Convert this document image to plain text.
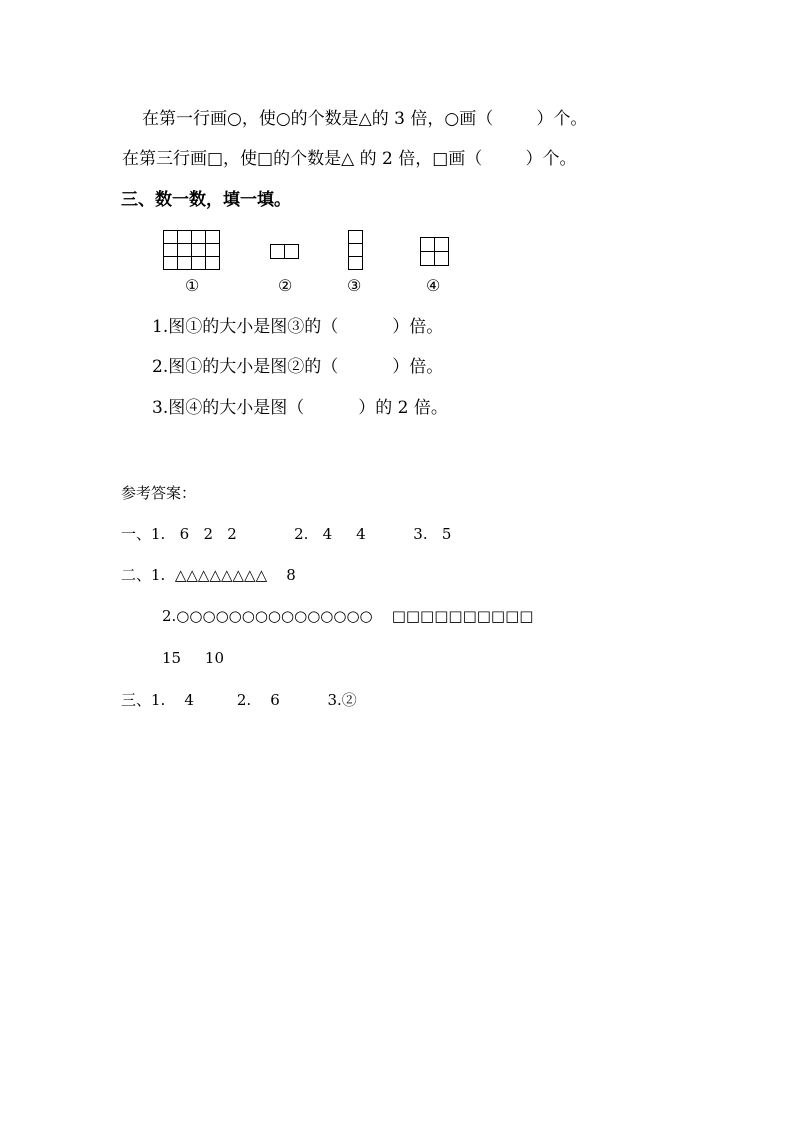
在第一行画○，使○的个数是△的 3 倍，○画（        ）个。
在第三行画□，使□的个数是△ 的 2 倍，□画（        ）个。
三、数一数，填一填。

①	②	③	④
1.图①的大小是图③的（          ）倍。
2.图①的大小是图②的（          ）倍。
3.图④的大小是图（          ）的 2 倍。
参考答案：
一、1.   6   2   2            2.   4     4          3.   5
二、1.  △△△△△△△△    8
2.○○○○○○○○○○○○○○○    □□□□□□□□□□
15     10
三、1.    4         2.    6          3.②
